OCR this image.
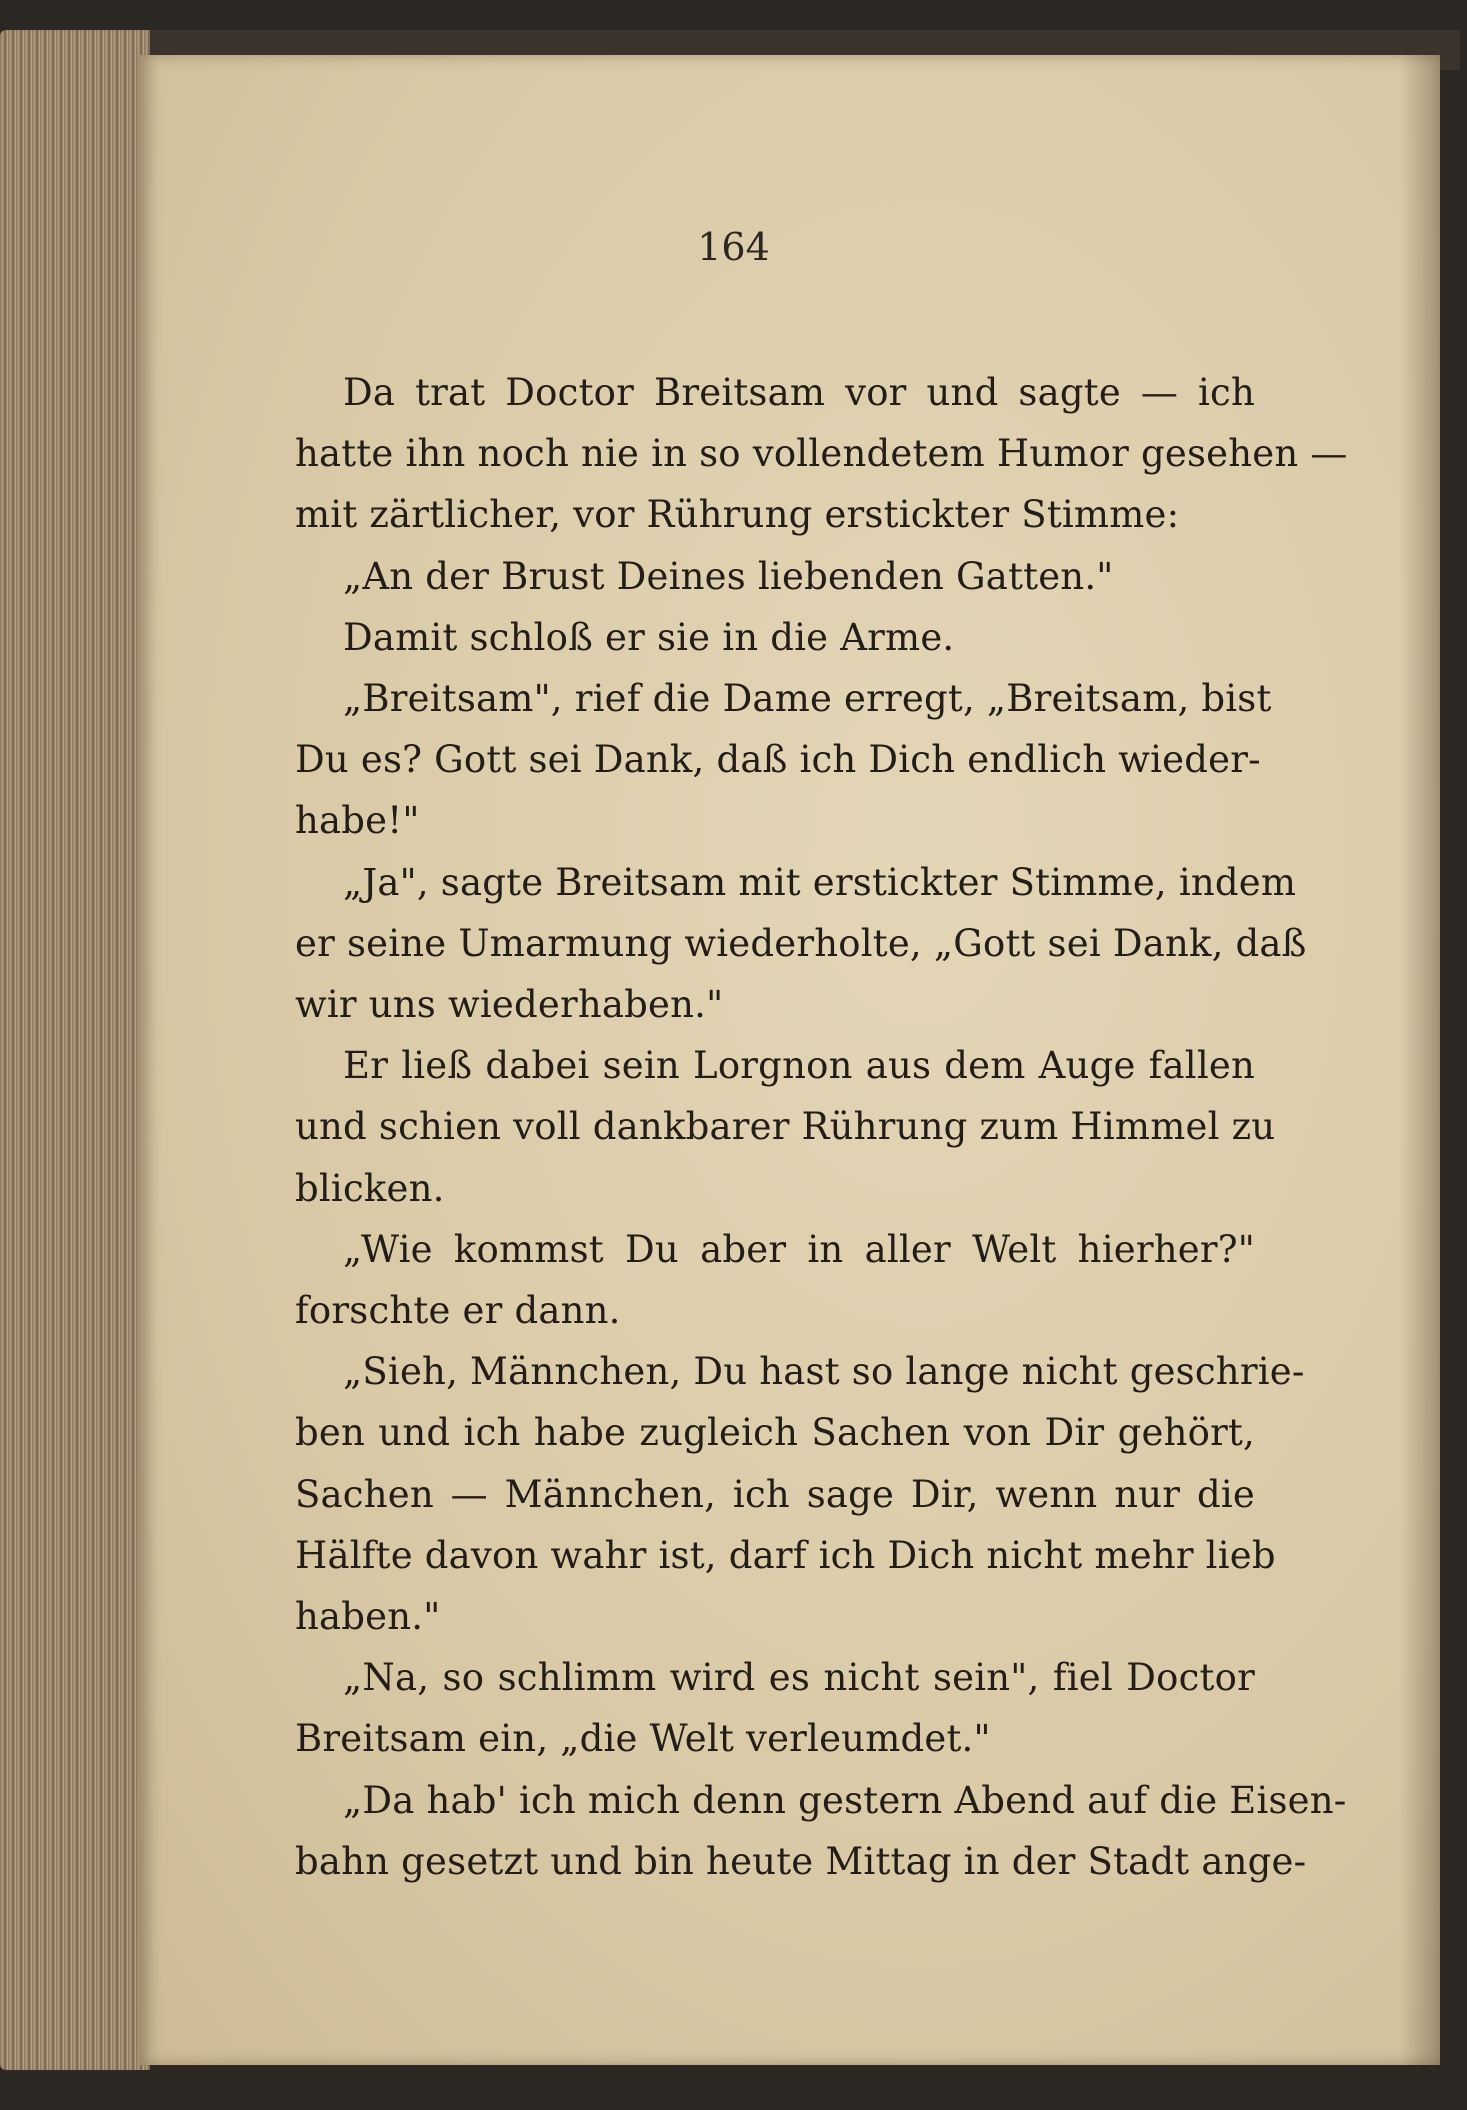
164
Da trat Doctor Breitsam vor und sagte — ich
hatte ihn noch nie in so vollendetem Humor gesehen —
mit zärtlicher, vor Rührung erstickter Stimme:
„An der Brust Deines liebenden Gatten."
Damit schloß er sie in die Arme.
„Breitsam", rief die Dame erregt, „Breitsam, bist
Du es? Gott sei Dank, daß ich Dich endlich wieder-
habe!"
„Ja", sagte Breitsam mit erstickter Stimme, indem
er seine Umarmung wiederholte, „Gott sei Dank, daß
wir uns wiederhaben."
Er ließ dabei sein Lorgnon aus dem Auge fallen
und schien voll dankbarer Rührung zum Himmel zu
blicken.
„Wie kommst Du aber in aller Welt hierher?"
forschte er dann.
„Sieh, Männchen, Du hast so lange nicht geschrie-
ben und ich habe zugleich Sachen von Dir gehört,
Sachen — Männchen, ich sage Dir, wenn nur die
Hälfte davon wahr ist, darf ich Dich nicht mehr lieb
haben."
„Na, so schlimm wird es nicht sein", fiel Doctor
Breitsam ein, „die Welt verleumdet."
„Da hab' ich mich denn gestern Abend auf die Eisen-
bahn gesetzt und bin heute Mittag in der Stadt ange-
